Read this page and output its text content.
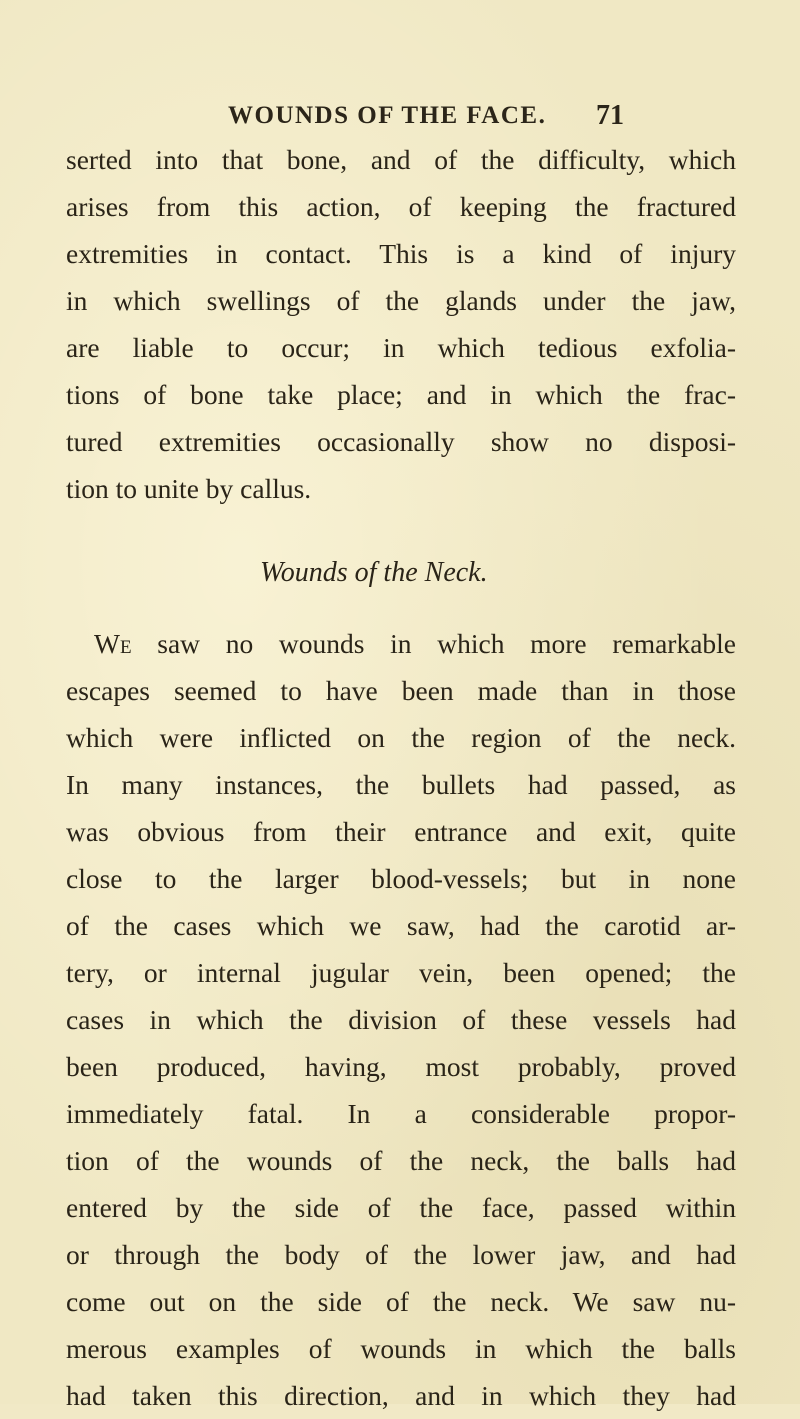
WOUNDS OF THE FACE. 71
serted into that bone, and of the difficulty, which
arises from this action, of keeping the fractured
extremities in contact. This is a kind of injury
in which swellings of the glands under the jaw,
are liable to occur; in which tedious exfolia-
tions of bone take place; and in which the frac-
tured extremities occasionally show no disposi-
tion to unite by callus.
Wounds of the Neck.
We saw no wounds in which more remarkable
escapes seemed to have been made than in those
which were inflicted on the region of the neck.
In many instances, the bullets had passed, as
was obvious from their entrance and exit, quite
close to the larger blood-vessels; but in none
of the cases which we saw, had the carotid ar-
tery, or internal jugular vein, been opened; the
cases in which the division of these vessels had
been produced, having, most probably, proved
immediately fatal. In a considerable propor-
tion of the wounds of the neck, the balls had
entered by the side of the face, passed within
or through the body of the lower jaw, and had
come out on the side of the neck. We saw nu-
merous examples of wounds in which the balls
had taken this direction, and in which they had
